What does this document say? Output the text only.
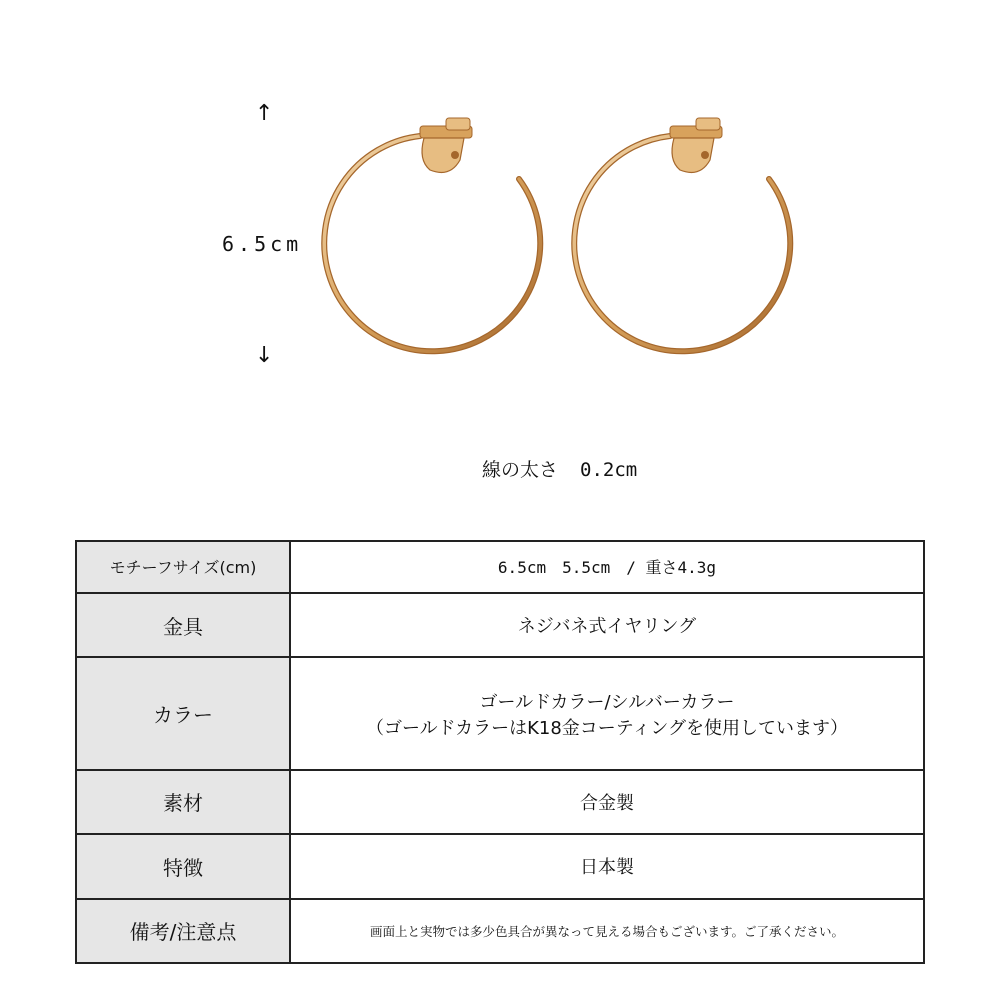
↑
6.5cm
↓
線の太さ 0.2cm
モチーフサイズ(cm)	6.5cm　5.5cm　/ 重さ4.3g
金具	ネジバネ式イヤリング
カラー	ゴールドカラー/シルバーカラー
（ゴールドカラーはK18金コーティングを使用しています）

素材	合金製
特徴	日本製
備考/注意点	画面上と実物では多少色具合が異なって見える場合もございます。ご了承ください。
